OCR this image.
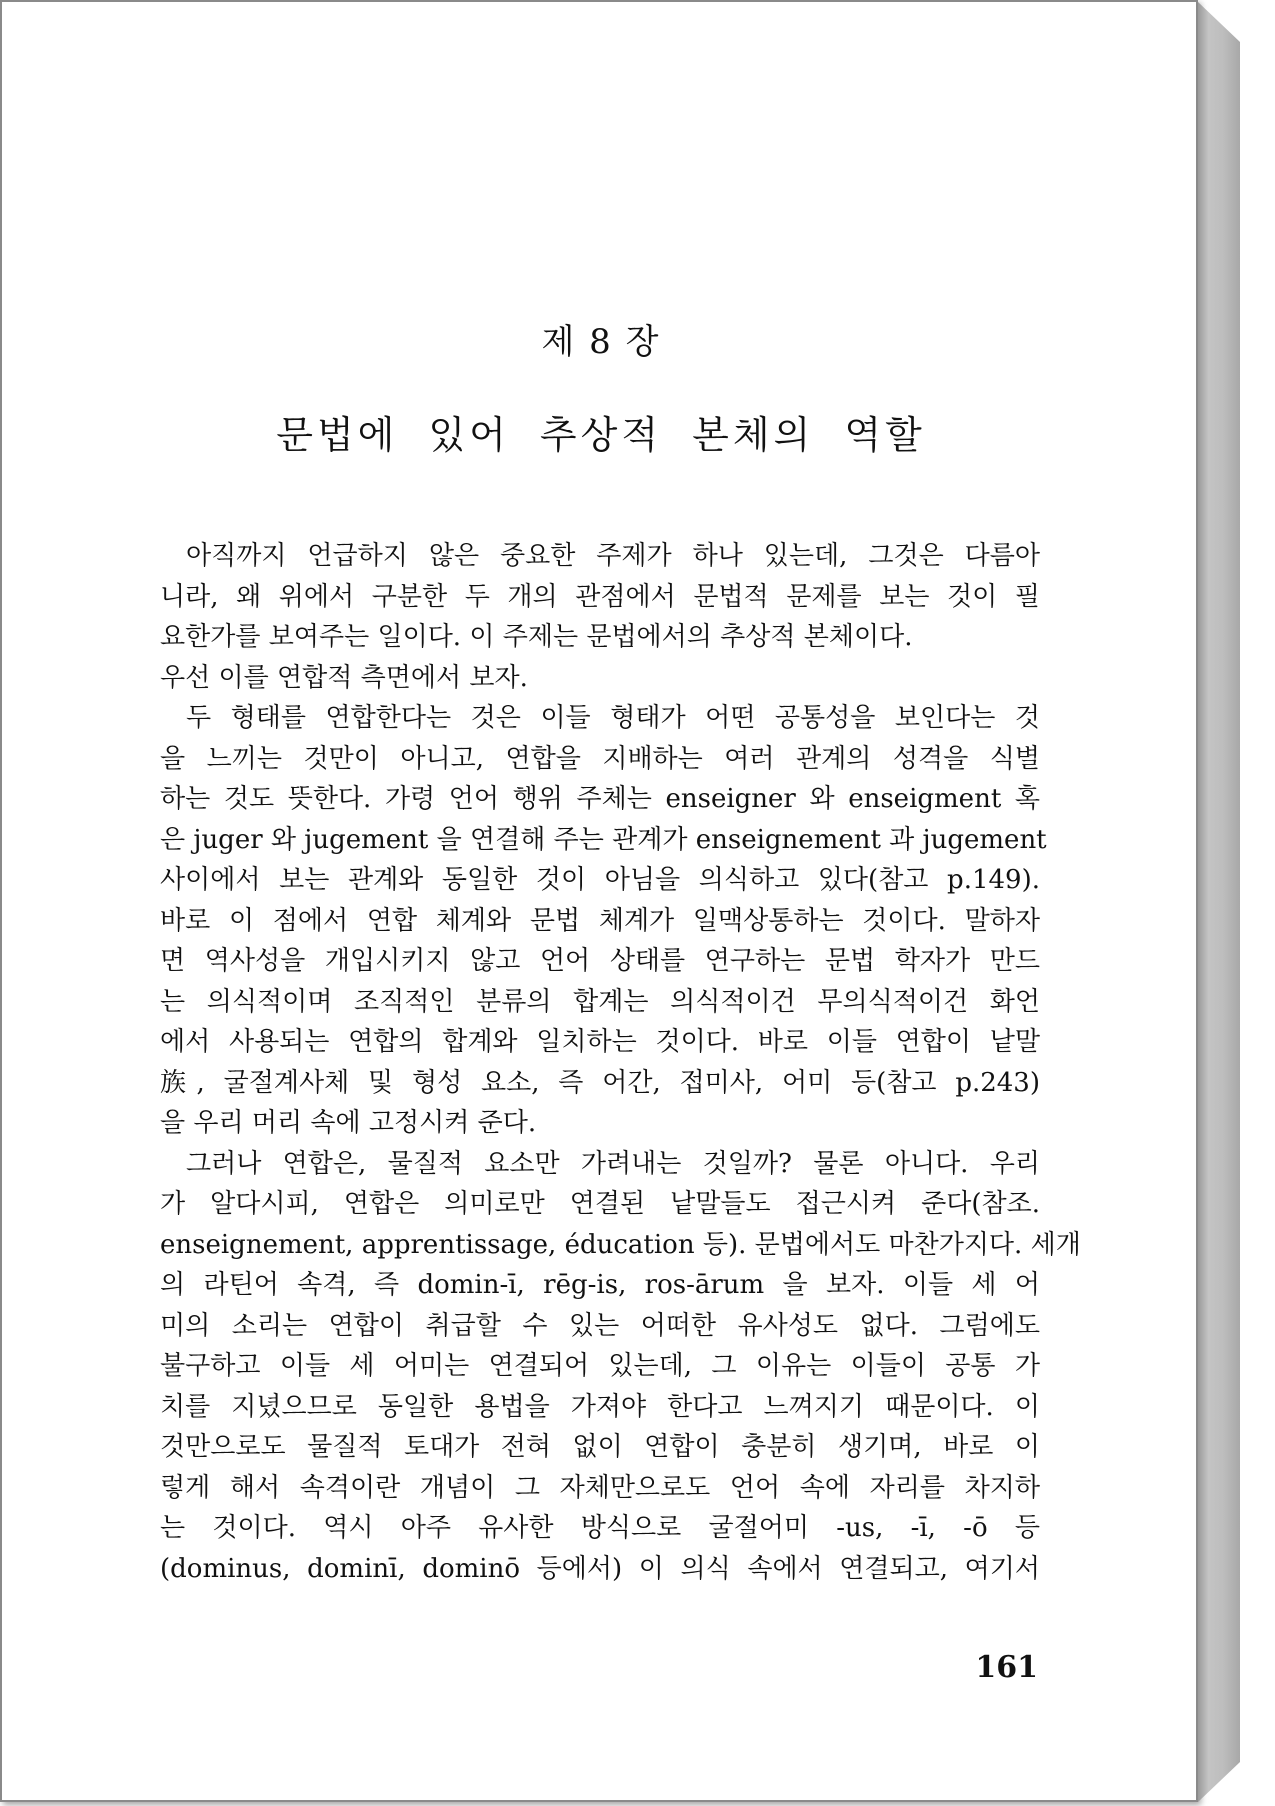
제 8 장
문법에 있어 추상적 본체의 역할
아직까지 언급하지 않은 중요한 주제가 하나 있는데, 그것은 다름아
니라, 왜 위에서 구분한 두 개의 관점에서 문법적 문제를 보는 것이 필
요한가를 보여주는 일이다. 이 주제는 문법에서의 추상적 본체이다.
우선 이를 연합적 측면에서 보자.
두 형태를 연합한다는 것은 이들 형태가 어떤 공통성을 보인다는 것
을 느끼는 것만이 아니고, 연합을 지배하는 여러 관계의 성격을 식별
하는 것도 뜻한다. 가령 언어 행위 주체는 enseigner 와 enseigment 혹
은 juger 와 jugement 을 연결해 주는 관계가 enseignement 과 jugement
사이에서 보는 관계와 동일한 것이 아님을 의식하고 있다(참고 p.149).
바로 이 점에서 연합 체계와 문법 체계가 일맥상통하는 것이다. 말하자
면 역사성을 개입시키지 않고 언어 상태를 연구하는 문법 학자가 만드
는 의식적이며 조직적인 분류의 합계는 의식적이건 무의식적이건 화언
에서 사용되는 연합의 합계와 일치하는 것이다. 바로 이들 연합이 낱말
族, 굴절계사체 및 형성 요소, 즉 어간, 접미사, 어미 등(참고 p.243)
을 우리 머리 속에 고정시켜 준다.
그러나 연합은, 물질적 요소만 가려내는 것일까? 물론 아니다. 우리
가 알다시피, 연합은 의미로만 연결된 낱말들도 접근시켜 준다(참조.
enseignement, apprentissage, éducation 등). 문법에서도 마찬가지다. 세개
의 라틴어 속격, 즉 domin-ī, rēg-is, ros-ārum 을 보자. 이들 세 어
미의 소리는 연합이 취급할 수 있는 어떠한 유사성도 없다. 그럼에도
불구하고 이들 세 어미는 연결되어 있는데, 그 이유는 이들이 공통 가
치를 지녔으므로 동일한 용법을 가져야 한다고 느껴지기 때문이다. 이
것만으로도 물질적 토대가 전혀 없이 연합이 충분히 생기며, 바로 이
렇게 해서 속격이란 개념이 그 자체만으로도 언어 속에 자리를 차지하
는 것이다. 역시 아주 유사한 방식으로 굴절어미 -us, -ī, -ō 등
(dominus, dominī, dominō 등에서) 이 의식 속에서 연결되고, 여기서
161
